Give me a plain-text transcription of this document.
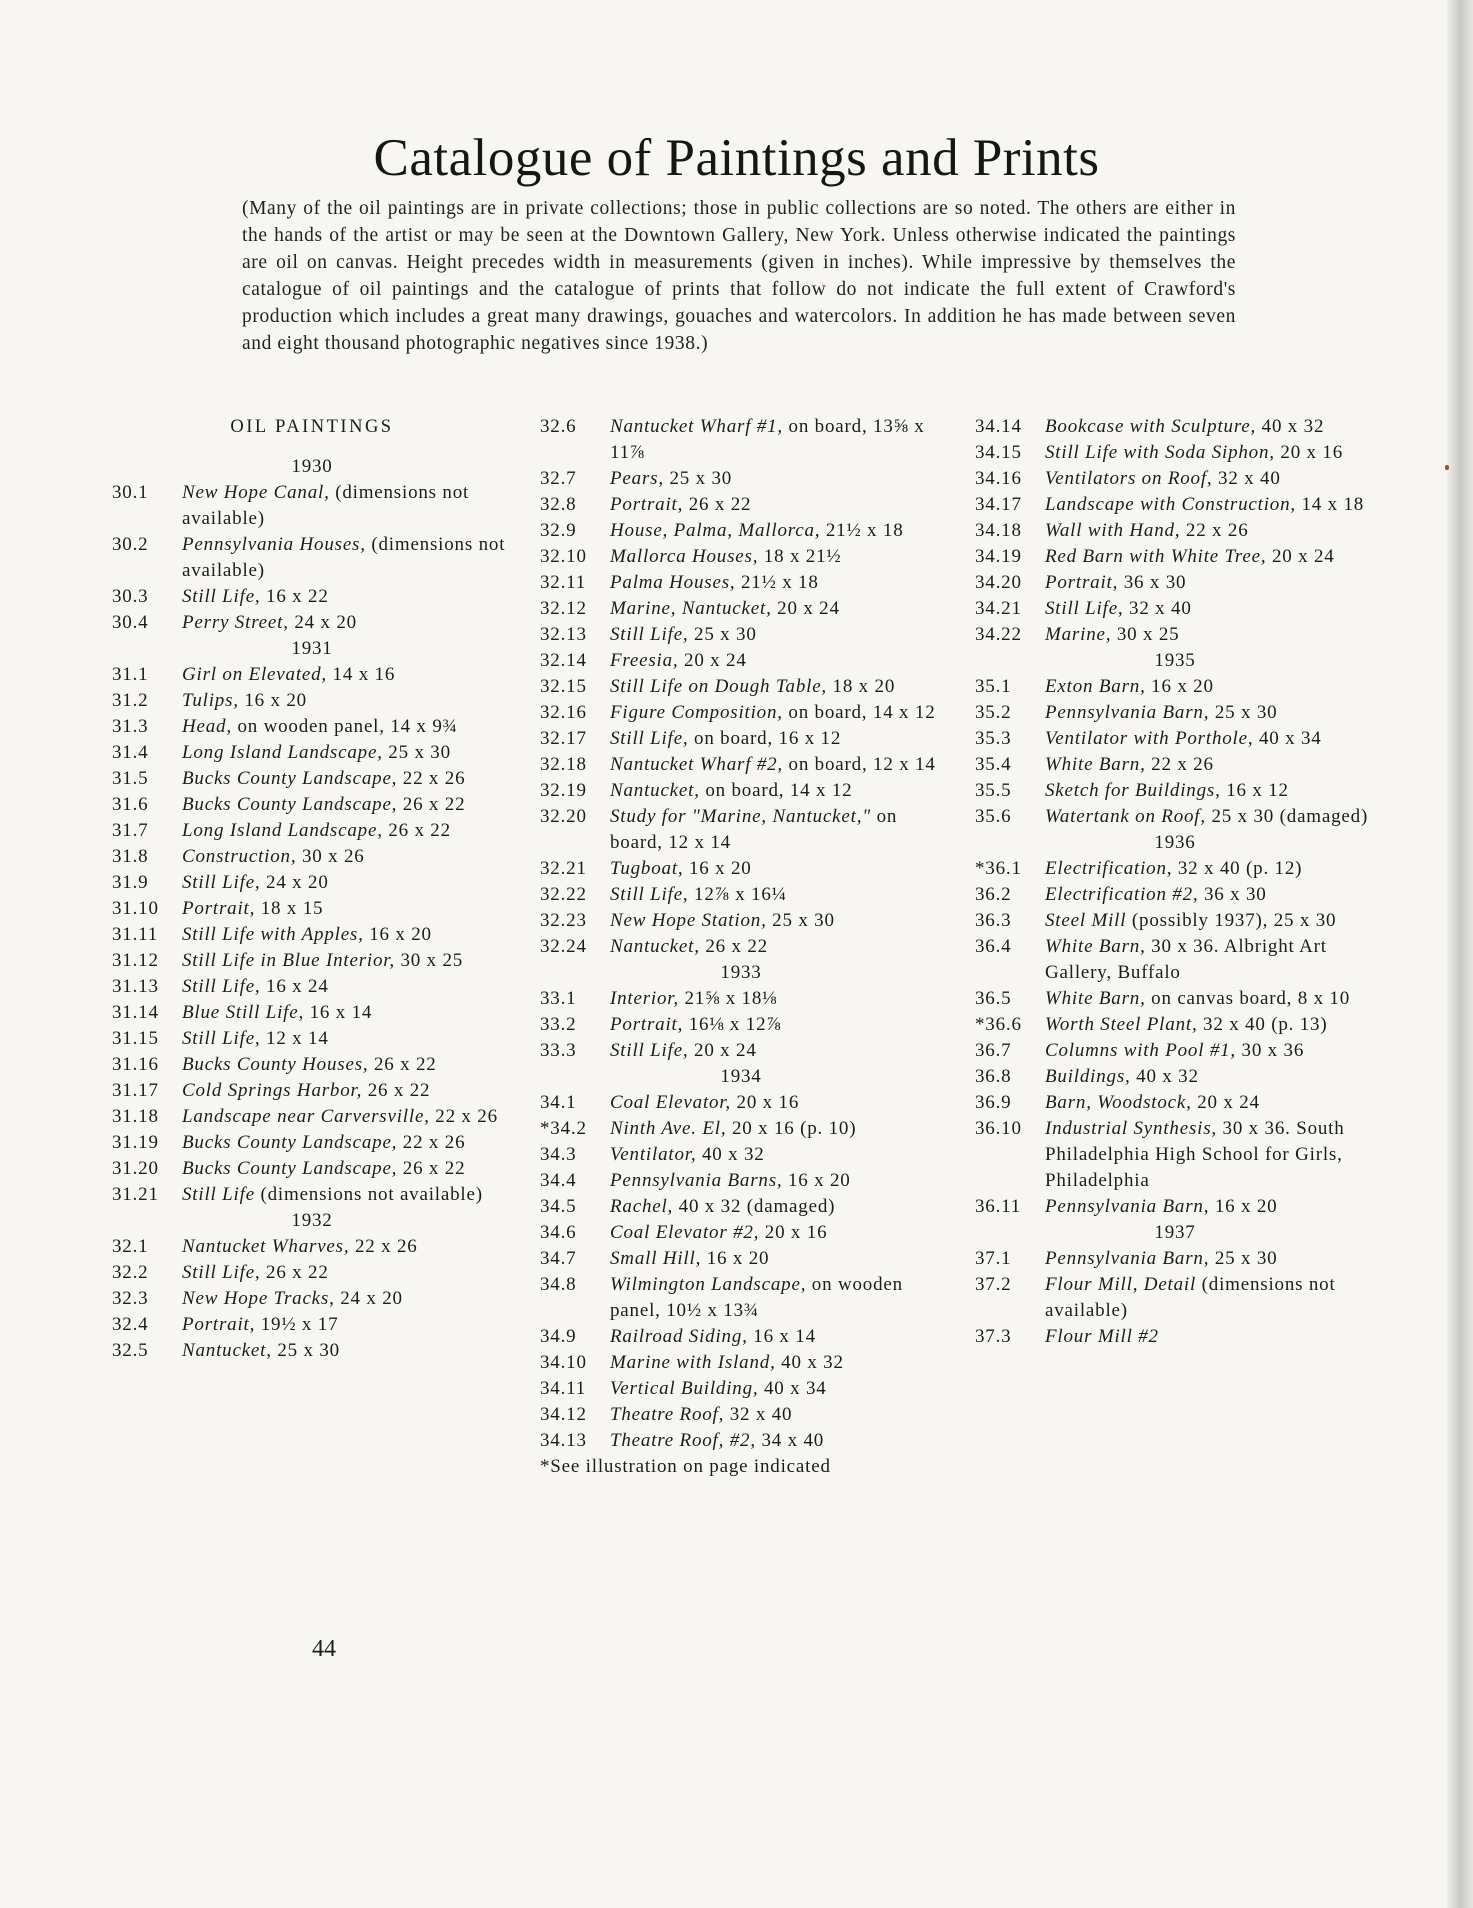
Catalogue of Paintings and Prints

(Many of the oil paintings are in private collections; those in public collections are so noted. The others are either in the hands of the artist or may be seen at the Downtown Gallery, New York. Unless otherwise indicated the paintings are oil on canvas. Height precedes width in measurements (given in inches). While impressive by themselves the catalogue of oil paintings and the catalogue of prints that follow do not indicate the full extent of Crawford's production which includes a great many drawings, gouaches and watercolors. In addition he has made between seven and eight thousand photographic negatives since 1938.)

OIL PAINTINGS
1930
30.1	New Hope Canal, (dimensions not available)
30.2	Pennsylvania Houses, (dimensions not available)
30.3	Still Life, 16 x 22
30.4	Perry Street, 24 x 20
1931
31.1	Girl on Elevated, 14 x 16
31.2	Tulips, 16 x 20
31.3	Head, on wooden panel, 14 x 9¾
31.4	Long Island Landscape, 25 x 30
31.5	Bucks County Landscape, 22 x 26
31.6	Bucks County Landscape, 26 x 22
31.7	Long Island Landscape, 26 x 22
31.8	Construction, 30 x 26
31.9	Still Life, 24 x 20
31.10	Portrait, 18 x 15
31.11	Still Life with Apples, 16 x 20
31.12	Still Life in Blue Interior, 30 x 25
31.13	Still Life, 16 x 24
31.14	Blue Still Life, 16 x 14
31.15	Still Life, 12 x 14
31.16	Bucks County Houses, 26 x 22
31.17	Cold Springs Harbor, 26 x 22
31.18	Landscape near Carversville, 22 x 26
31.19	Bucks County Landscape, 22 x 26
31.20	Bucks County Landscape, 26 x 22
31.21	Still Life (dimensions not available)
1932
32.1	Nantucket Wharves, 22 x 26
32.2	Still Life, 26 x 22
32.3	New Hope Tracks, 24 x 20
32.4	Portrait, 19½ x 17
32.5	Nantucket, 25 x 30
32.6	Nantucket Wharf #1, on board, 13⅝ x 11⅞
32.7	Pears, 25 x 30
32.8	Portrait, 26 x 22
32.9	House, Palma, Mallorca, 21½ x 18
32.10	Mallorca Houses, 18 x 21½
32.11	Palma Houses, 21½ x 18
32.12	Marine, Nantucket, 20 x 24
32.13	Still Life, 25 x 30
32.14	Freesia, 20 x 24
32.15	Still Life on Dough Table, 18 x 20
32.16	Figure Composition, on board, 14 x 12
32.17	Still Life, on board, 16 x 12
32.18	Nantucket Wharf #2, on board, 12 x 14
32.19	Nantucket, on board, 14 x 12
32.20	Study for "Marine, Nantucket," on board, 12 x 14
32.21	Tugboat, 16 x 20
32.22	Still Life, 12⅞ x 16¼
32.23	New Hope Station, 25 x 30
32.24	Nantucket, 26 x 22
1933
33.1	Interior, 21⅝ x 18⅛
33.2	Portrait, 16⅛ x 12⅞
33.3	Still Life, 20 x 24
1934
34.1	Coal Elevator, 20 x 16
*34.2	Ninth Ave. El, 20 x 16 (p. 10)
34.3	Ventilator, 40 x 32
34.4	Pennsylvania Barns, 16 x 20
34.5	Rachel, 40 x 32 (damaged)
34.6	Coal Elevator #2, 20 x 16
34.7	Small Hill, 16 x 20
34.8	Wilmington Landscape, on wooden panel, 10½ x 13¾
34.9	Railroad Siding, 16 x 14
34.10	Marine with Island, 40 x 32
34.11	Vertical Building, 40 x 34
34.12	Theatre Roof, 32 x 40
34.13	Theatre Roof, #2, 34 x 40
*See illustration on page indicated
34.14	Bookcase with Sculpture, 40 x 32
34.15	Still Life with Soda Siphon, 20 x 16
34.16	Ventilators on Roof, 32 x 40
34.17	Landscape with Construction, 14 x 18
34.18	Wall with Hand, 22 x 26
34.19	Red Barn with White Tree, 20 x 24
34.20	Portrait, 36 x 30
34.21	Still Life, 32 x 40
34.22	Marine, 30 x 25
1935
35.1	Exton Barn, 16 x 20
35.2	Pennsylvania Barn, 25 x 30
35.3	Ventilator with Porthole, 40 x 34
35.4	White Barn, 22 x 26
35.5	Sketch for Buildings, 16 x 12
35.6	Watertank on Roof, 25 x 30 (damaged)
1936
*36.1	Electrification, 32 x 40 (p. 12)
36.2	Electrification #2, 36 x 30
36.3	Steel Mill (possibly 1937), 25 x 30
36.4	White Barn, 30 x 36. Albright Art Gallery, Buffalo
36.5	White Barn, on canvas board, 8 x 10
*36.6	Worth Steel Plant, 32 x 40 (p. 13)
36.7	Columns with Pool #1, 30 x 36
36.8	Buildings, 40 x 32
36.9	Barn, Woodstock, 20 x 24
36.10	Industrial Synthesis, 30 x 36. South Philadelphia High School for Girls, Philadelphia
36.11	Pennsylvania Barn, 16 x 20
1937
37.1	Pennsylvania Barn, 25 x 30
37.2	Flour Mill, Detail (dimensions not available)
37.3	Flour Mill #2
44
